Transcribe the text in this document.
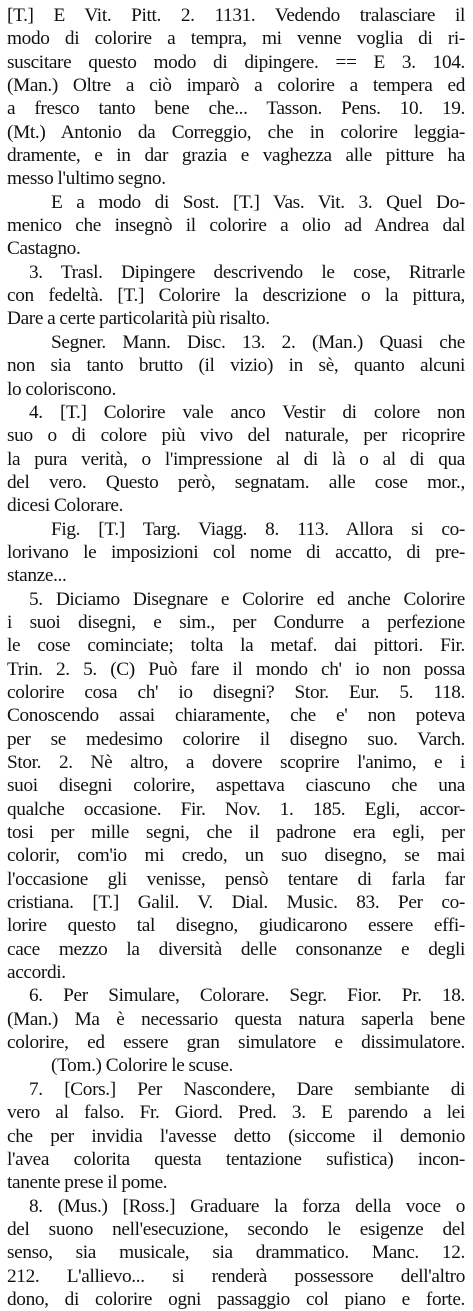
[T.] E Vit. Pitt. 2. 1131. Vedendo tralasciare il
modo di colorire a tempra, mi venne voglia di ri-
suscitare questo modo di dipingere. == E 3. 104.
(Man.) Oltre a ciò imparò a colorire a tempera ed
a fresco tanto bene che... Tasson. Pens. 10. 19.
(Mt.) Antonio da Correggio, che in colorire leggia-
dramente, e in dar grazia e vaghezza alle pitture ha
messo l'ultimo segno.
E a modo di Sost. [T.] Vas. Vit. 3. Quel Do-
menico che insegnò il colorire a olio ad Andrea dal
Castagno.
3. Trasl. Dipingere descrivendo le cose, Ritrarle
con fedeltà. [T.] Colorire la descrizione o la pittura,
Dare a certe particolarità più risalto.
Segner. Mann. Disc. 13. 2. (Man.) Quasi che
non sia tanto brutto (il vizio) in sè, quanto alcuni
lo coloriscono.
4. [T.] Colorire vale anco Vestir di colore non
suo o di colore più vivo del naturale, per ricoprire
la pura verità, o l'impressione al di là o al di qua
del vero. Questo però, segnatam. alle cose mor.,
dicesi Colorare.
Fig. [T.] Targ. Viagg. 8. 113. Allora si co-
lorivano le imposizioni col nome di accatto, di pre-
stanze...
5. Diciamo Disegnare e Colorire ed anche Colorire
i suoi disegni, e sim., per Condurre a perfezione
le cose cominciate; tolta la metaf. dai pittori. Fir.
Trin. 2. 5. (C) Può fare il mondo ch' io non possa
colorire cosa ch' io disegni? Stor. Eur. 5. 118.
Conoscendo assai chiaramente, che e' non poteva
per se medesimo colorire il disegno suo. Varch.
Stor. 2. Nè altro, a dovere scoprire l'animo, e i
suoi disegni colorire, aspettava ciascuno che una
qualche occasione. Fir. Nov. 1. 185. Egli, accor-
tosi per mille segni, che il padrone era egli, per
colorir, com'io mi credo, un suo disegno, se mai
l'occasione gli venisse, pensò tentare di farla far
cristiana. [T.] Galil. V. Dial. Music. 83. Per co-
lorire questo tal disegno, giudicarono essere effi-
cace mezzo la diversità delle consonanze e degli
accordi.
6. Per Simulare, Colorare. Segr. Fior. Pr. 18.
(Man.) Ma è necessario questa natura saperla bene
colorire, ed essere gran simulatore e dissimulatore.
(Tom.) Colorire le scuse.
7. [Cors.] Per Nascondere, Dare sembiante di
vero al falso. Fr. Giord. Pred. 3. E parendo a lei
che per invidia l'avesse detto (siccome il demonio
l'avea colorita questa tentazione sufistica) incon-
tanente prese il pome.
8. (Mus.) [Ross.] Graduare la forza della voce o
del suono nell'esecuzione, secondo le esigenze del
senso, sia musicale, sia drammatico. Manc. 12.
212. L'allievo... si renderà possessore dell'altro
dono, di colorire ogni passaggio col piano e forte.
